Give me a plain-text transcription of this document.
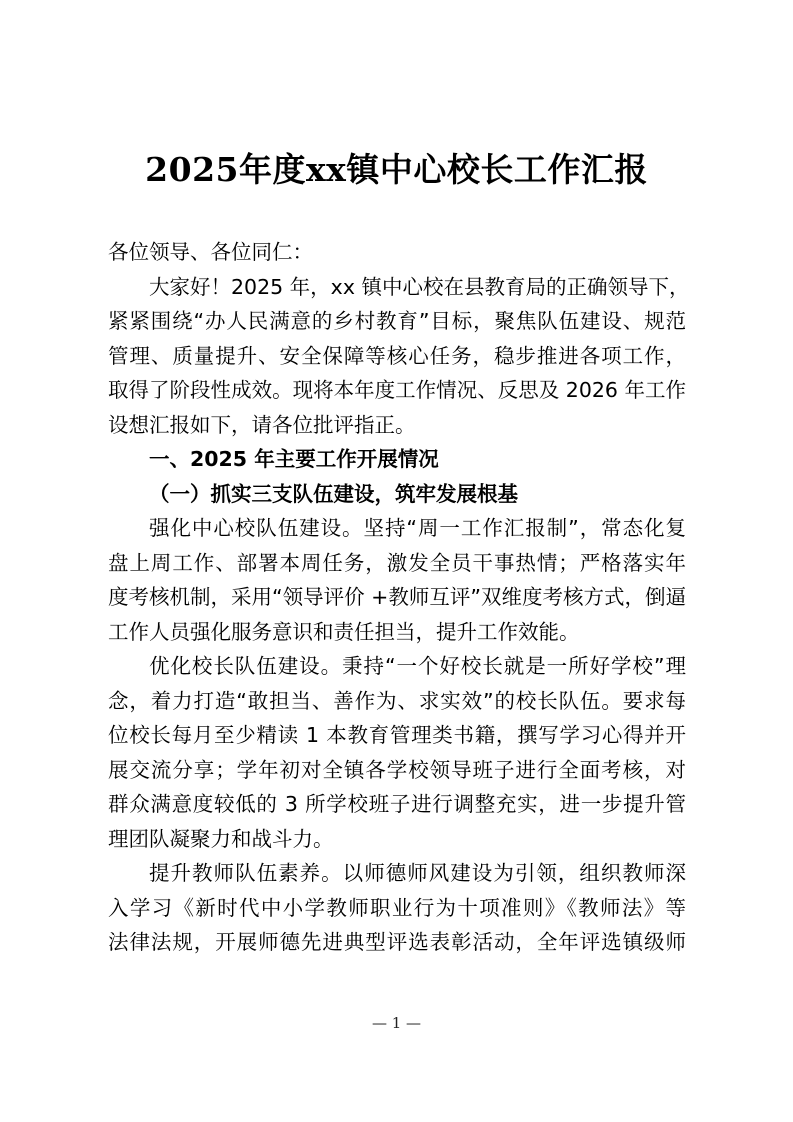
2025年度xx镇中心校长工作汇报
各位领导、各位同仁：
大家好！2025 年，xx 镇中心校在县教育局的正确领导下，
紧紧围绕“办人民满意的乡村教育”目标，聚焦队伍建设、规范
管理、质量提升、安全保障等核心任务，稳步推进各项工作，
取得了阶段性成效。现将本年度工作情况、反思及 2026 年工作
设想汇报如下，请各位批评指正。
一、2025 年主要工作开展情况
（一）抓实三支队伍建设，筑牢发展根基
强化中心校队伍建设。坚持“周一工作汇报制”，常态化复
盘上周工作、部署本周任务，激发全员干事热情；严格落实年
度考核机制，采用“领导评价 +教师互评”双维度考核方式，倒逼
工作人员强化服务意识和责任担当，提升工作效能。
优化校长队伍建设。秉持“一个好校长就是一所好学校”理
念，着力打造“敢担当、善作为、求实效”的校长队伍。要求每
位校长每月至少精读 1 本教育管理类书籍，撰写学习心得并开
展交流分享；学年初对全镇各学校领导班子进行全面考核，对
群众满意度较低的 3 所学校班子进行调整充实，进一步提升管
理团队凝聚力和战斗力。
提升教师队伍素养。以师德师风建设为引领，组织教师深
入学习《新时代中小学教师职业行为十项准则》《教师法》等
法律法规，开展师德先进典型评选表彰活动，全年评选镇级师
— 1 —
